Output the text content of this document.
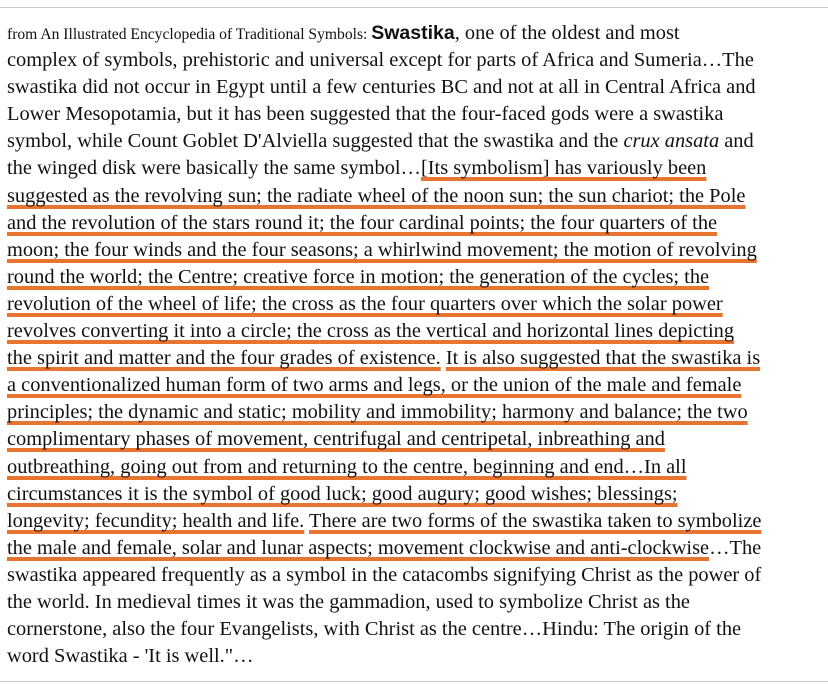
from An Illustrated Encyclopedia of Traditional Symbols: Swastika, one of the oldest and most
complex of symbols, prehistoric and universal except for parts of Africa and Sumeria…The
swastika did not occur in Egypt until a few centuries BC and not at all in Central Africa and
Lower Mesopotamia, but it has been suggested that the four-faced gods were a swastika
symbol, while Count Goblet D'Alviella suggested that the swastika and the crux ansata and
the winged disk were basically the same symbol…[Its symbolism] has variously been
suggested as the revolving sun; the radiate wheel of the noon sun; the sun chariot; the Pole
and the revolution of the stars round it; the four cardinal points; the four quarters of the
moon; the four winds and the four seasons; a whirlwind movement; the motion of revolving
round the world; the Centre; creative force in motion; the generation of the cycles; the
revolution of the wheel of life; the cross as the four quarters over which the solar power
revolves converting it into a circle; the cross as the vertical and horizontal lines depicting
the spirit and matter and the four grades of existence. It is also suggested that the swastika is
a conventionalized human form of two arms and legs, or the union of the male and female
principles; the dynamic and static; mobility and immobility; harmony and balance; the two
complimentary phases of movement, centrifugal and centripetal, inbreathing and
outbreathing, going out from and returning to the centre, beginning and end…In all
circumstances it is the symbol of good luck; good augury; good wishes; blessings;
longevity; fecundity; health and life. There are two forms of the swastika taken to symbolize
the male and female, solar and lunar aspects; movement clockwise and anti-clockwise…The
swastika appeared frequently as a symbol in the catacombs signifying Christ as the power of
the world. In medieval times it was the gammadion, used to symbolize Christ as the
cornerstone, also the four Evangelists, with Christ as the centre…Hindu: The origin of the
word Swastika - 'It is well."…
